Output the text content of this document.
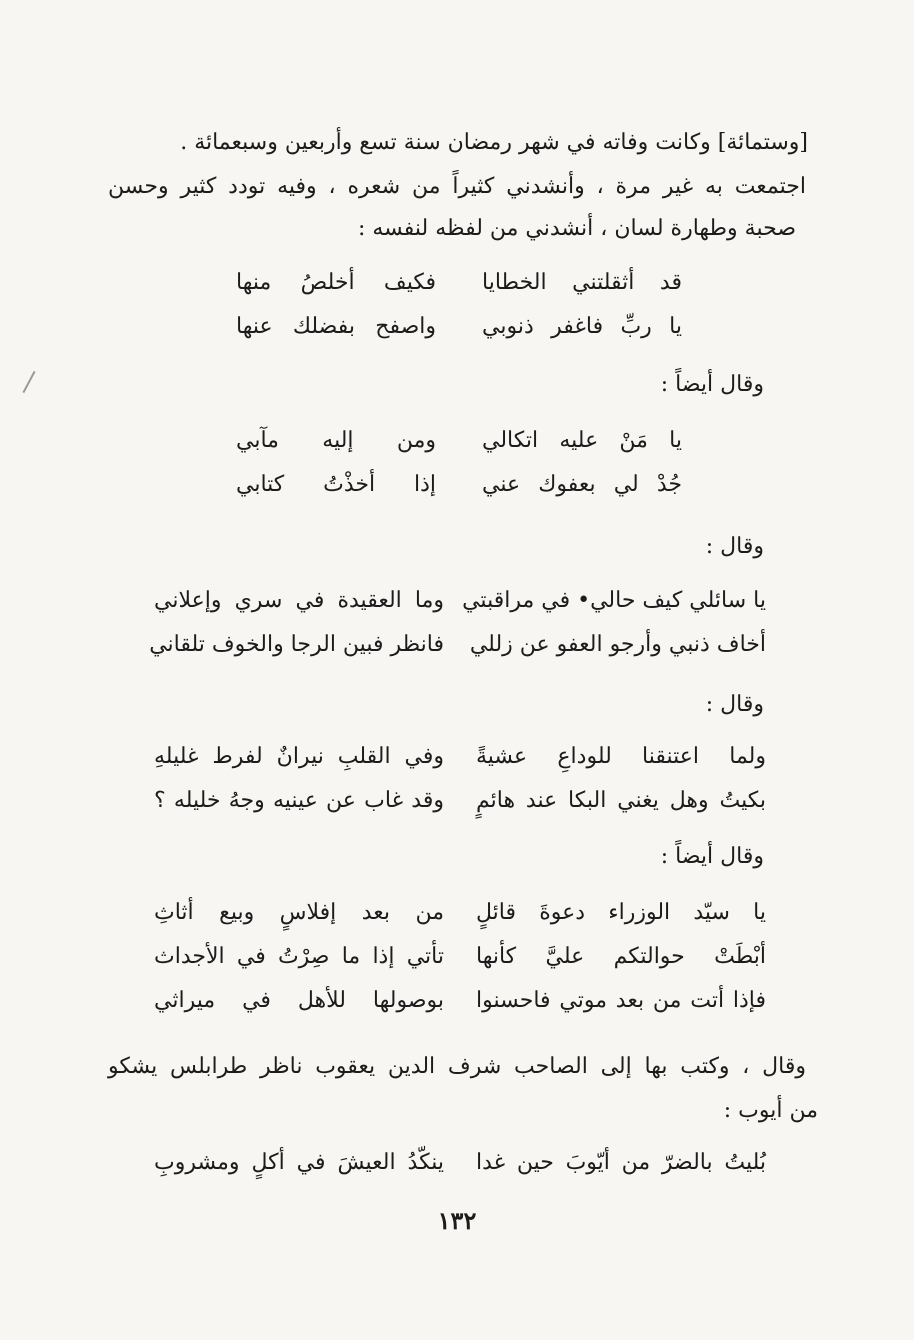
[وستمائة] وكانت وفاته في شهر رمضان سنة تسع وأربعين وسبعمائة .
اجتمعت به غير مرة ، وأنشدني كثيراً من شعره ، وفيه تودد كثير وحسن
صحبة وطهارة لسان ، أنشدني من لفظه لنفسه :
قد أثقلتني الخطايا
فكيف أخلصُ منها
يا ربِّ فاغفر ذنوبي
واصفح بفضلك عنها
وقال أيضاً :
يا مَنْ عليه اتكالي
ومن إليه مآبي
جُدْ لي بعفوك عني
إذا أخذْتُ كتابي
وقال :
يا سائلي كيف حالي• في مراقبتي
وما العقيدة في سري وإعلاني
أخاف ذنبي وأرجو العفو عن زللي
فانظر فبين الرجا والخوف تلقاني
وقال :
ولما اعتنقنا للوداعِ عشيةً
وفي القلبِ نيرانٌ لفرط غليلهِ
بكيتُ وهل يغني البكا عند هائمٍ
وقد غاب عن عينيه وجهُ خليله ؟
وقال أيضاً :
يا سيّد الوزراء دعوةَ قائلٍ
من بعد إفلاسٍ وبيع أثاثِ
أبْطَتْ حوالتكم عليَّ كأنها
تأتي إذا ما صِرْتُ في الأجداث
فإذا أتت من بعد موتي فاحسنوا
بوصولها للأهل في ميراثي
وقال ، وكتب بها إلى الصاحب شرف الدين يعقوب ناظر طرابلس يشكو
من أيوب :
بُليتُ بالضرّ من أيّوبَ حين غدا
ينكّدُ العيشَ في أكلٍ ومشروبِ
١٣٢
